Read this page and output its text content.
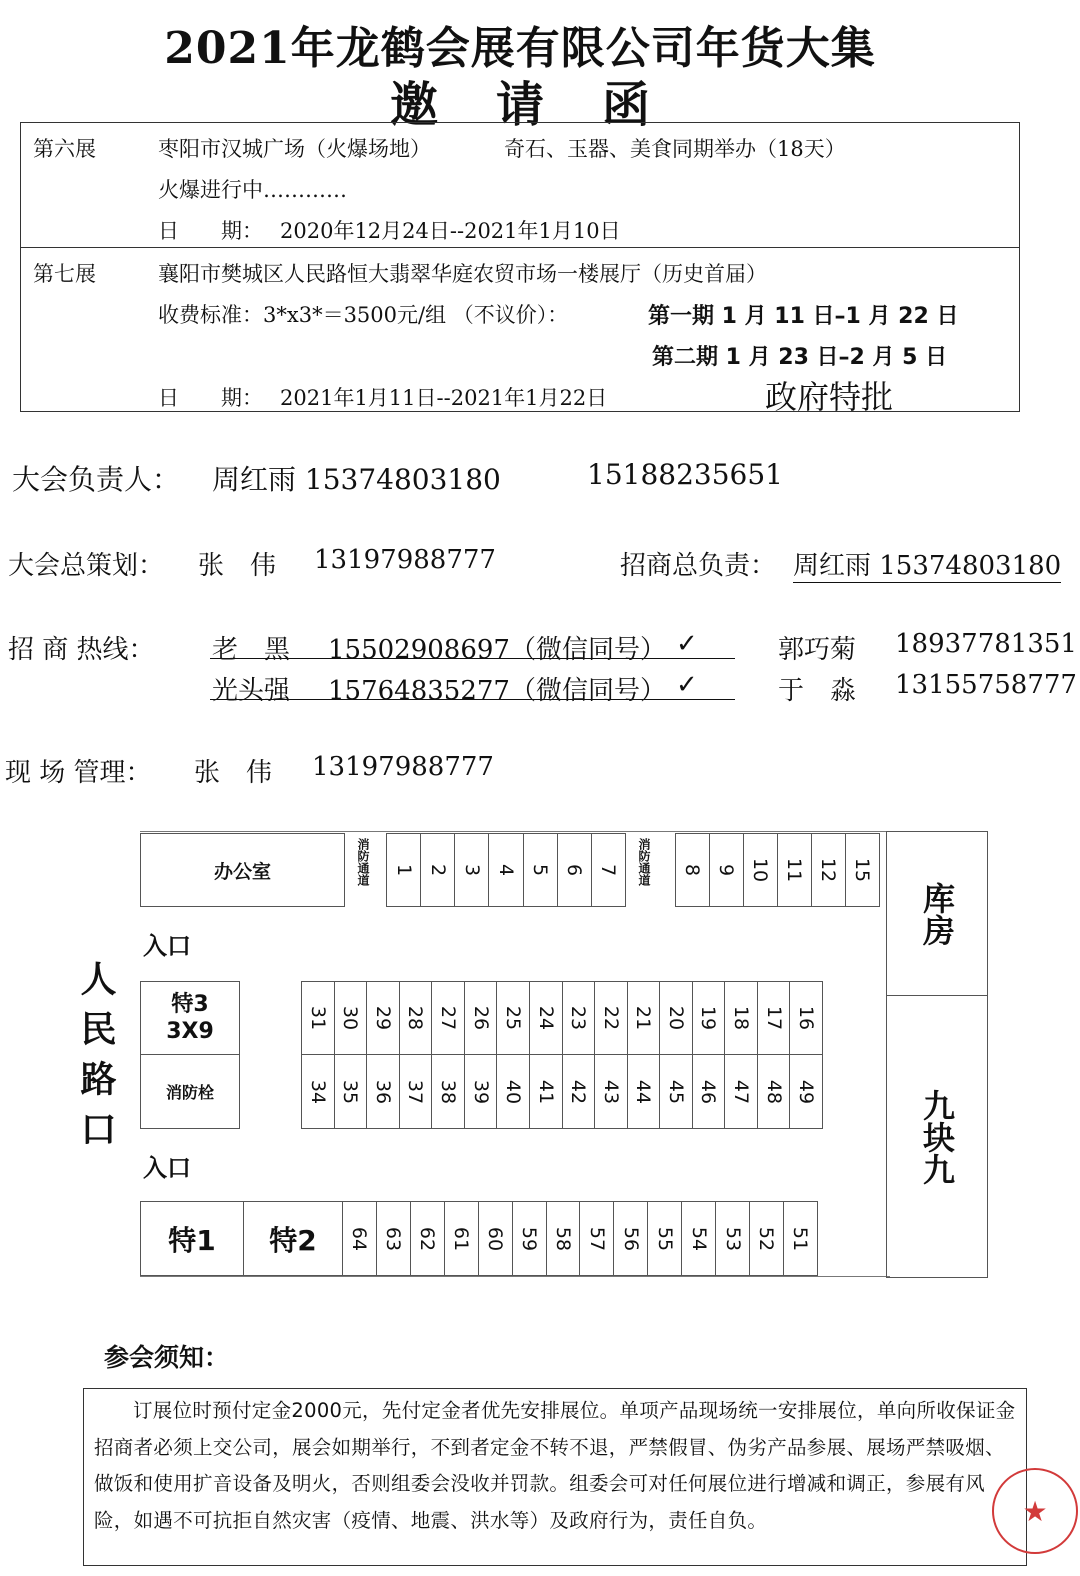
2021年龙鹤会展有限公司年货大集
邀请函
第六展	枣阳市汉城广场（火爆场地）	奇石、玉器、美食同期举办（18天）
火爆进行中…………
日　　期： 2020年12月24日--2021年1月10日
第七展	襄阳市樊城区人民路恒大翡翠华庭农贸市场一楼展厅（历史首届）
收费标准：3*x3*＝3500元/组 （不议价）：	第一期 1 月 11 日–1 月 22 日
第二期 1 月 23 日–2 月 5 日
日　　期： 2021年1月11日--2021年1月22日	政府特批
大会负责人： 周红雨 15374803180	15188235651
大会总策划： 张　伟 13197988777	招商总负责： 周红雨 15374803180
招 商 热线： 老　黑 15502908697（微信同号） ✓
光头强 15764835277（微信同号） ✓
郭巧菊 18937781351
于　淼 13155758777
现 场 管理： 张　伟 13197988777
办公室	消防通道 1 2 3 4 5 6 7 消防通道 8 9 10 11 12 15
库房
九块九
人民路口
入口
入口
特3
3X9
消防栓
31 30 29 28 27 26 25 24 23 22 21 20 19 18 17 16
34 35 36 37 38 39 40 41 42 43 44 45 46 47 48 49
特1	特2	64 63 62 61 60 59 58 57 56 55 54 53 52 51
参会须知：

订展位时预付定金2000元，先付定金者优先安排展位。单项产品现场统一安排展位，单向所收保证金招商者必须上交公司，展会如期举行，不到者定金不转不退，严禁假冒、伪劣产品参展、展场严禁吸烟、做饭和使用扩音设备及明火，否则组委会没收并罚款。组委会可对任何展位进行增减和调正，参展有风险，如遇不可抗拒自然灾害（疫情、地震、洪水等）及政府行为，责任自负。	★
